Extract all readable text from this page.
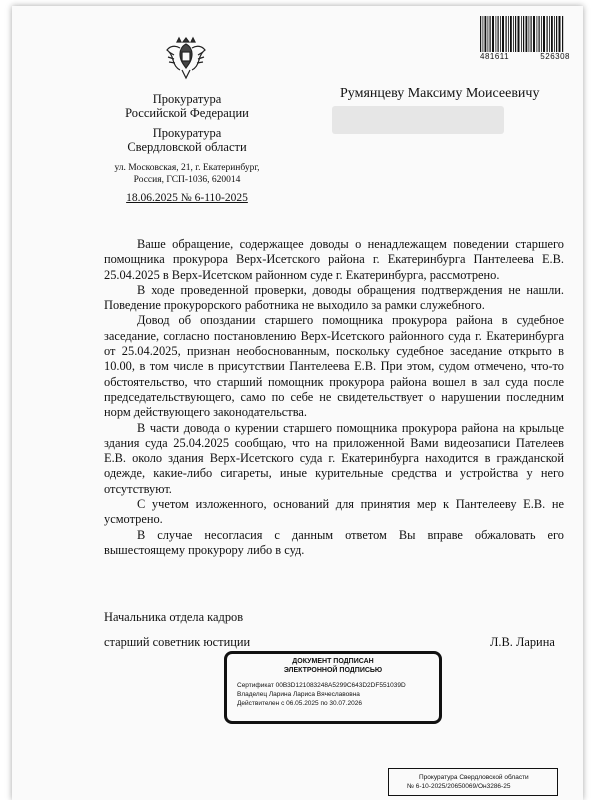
481611	526308
Прокуратура
Российской Федерации
Прокуратура
Свердловской области
ул. Московская, 21, г. Екатеринбург,
Россия, ГСП-1036, 620014
18.06.2025 № 6-110-2025
Румянцеву Максиму Моисеевичу

Ваше обращение, содержащее доводы о ненадлежащем поведении старшего помощника прокурора Верх-Исетского района г. Екатеринбурга Пантелеева Е.В. 25.04.2025 в Верх-Исетском районном суде г. Екатеринбурга, рассмотрено.

В ходе проведенной проверки, доводы обращения подтверждения не нашли. Поведение прокурорского работника не выходило за рамки служебного.

Довод об опоздании старшего помощника прокурора района в судебное заседание, согласно постановлению Верх-Исетского районного суда г. Екатеринбурга от 25.04.2025, признан необоснованным, поскольку судебное заседание открыто в 10.00, в том числе в присутствии Пантелеева Е.В. При этом, судом отмечено, что-то обстоятельство, что старший помощник прокурора района вошел в зал суда после председательствующего, само по себе не свидетельствует о нарушении последним норм действующего законодательства.

В части довода о курении старшего помощника прокурора района на крыльце здания суда 25.04.2025 сообщаю, что на приложенной Вами видеозаписи Пателеев Е.В. около здания Верх-Исетского суда г. Екатеринбурга находится в гражданской одежде, какие-либо сигареты, иные курительные средства и устройства у него отсутствуют.

С учетом изложенного, оснований для принятия мер к Пантелееву Е.В. не усмотрено.

В случае несогласия с данным ответом Вы вправе обжаловать его вышестоящему прокурору либо в суд.

Начальника отдела кадров
старший советник юстиции	Л.В. Ларина
ДОКУМЕНТ ПОДПИСАН
ЭЛЕКТРОННОЙ ПОДПИСЬЮ
Сертификат 00B3D121083248A5299C643D2DF551039D
Владелец Ларина Лариса Вячеславовна
Действителен с 06.05.2025 по 30.07.2026
Прокуратура Свердловской области
№ 6-10-2025/20650069/Он3286-25
